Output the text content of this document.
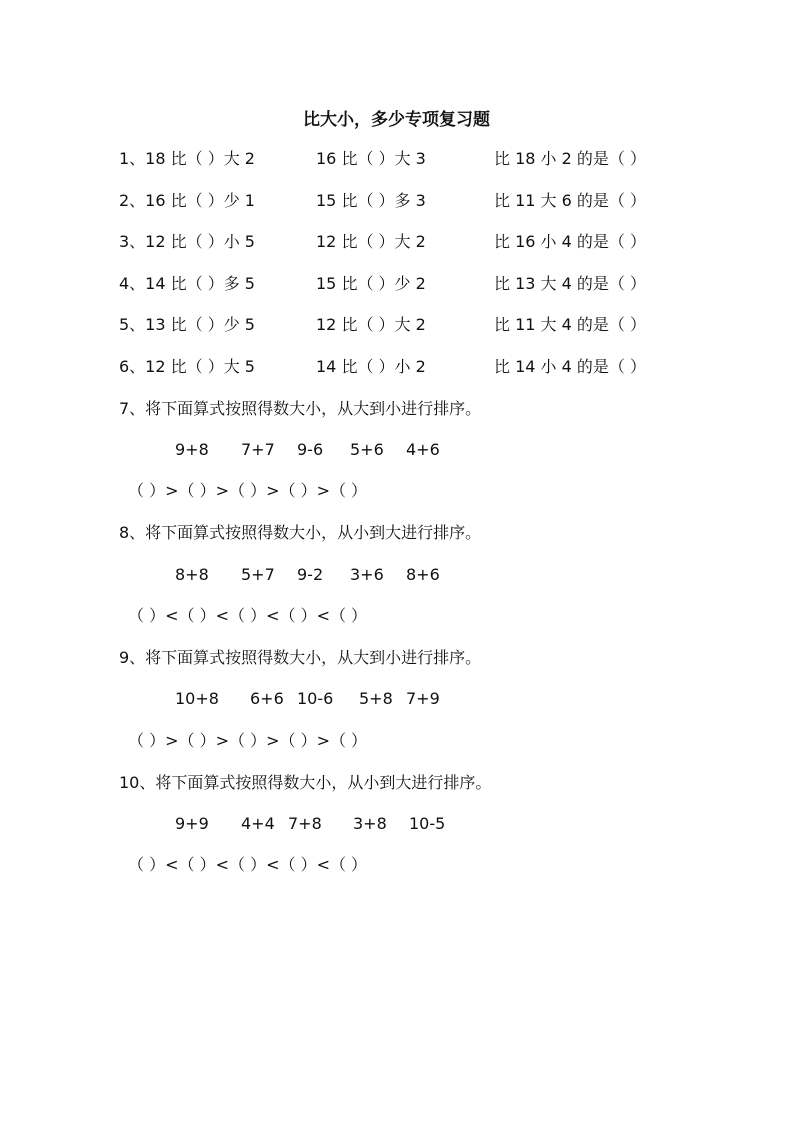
比大小，多少专项复习题
1、18 比（ ）大 2	16 比（ ）大 3	比 18 小 2 的是（ ）
2、16 比（ ）少 1	15 比（ ）多 3	比 11 大 6 的是（ ）
3、12 比（ ）小 5	12 比（ ）大 2	比 16 小 4 的是（ ）
4、14 比（ ）多 5	15 比（ ）少 2	比 13 大 4 的是（ ）
5、13 比（ ）少 5	12 比（ ）大 2	比 11 大 4 的是（ ）
6、12 比（ ）大 5	14 比（ ）小 2	比 14 小 4 的是（ ）
7、将下面算式按照得数大小，从大到小进行排序。
9+8 7+7 9-6 5+6 4+6
（ ）>（ ）>（ ）>（ ）>（ ）
8、将下面算式按照得数大小，从小到大进行排序。
8+8 5+7 9-2 3+6 8+6
（ ）<（ ）<（ ）<（ ）<（ ）
9、将下面算式按照得数大小，从大到小进行排序。
10+8 6+6 10-6 5+8 7+9
（ ）>（ ）>（ ）>（ ）>（ ）
10、将下面算式按照得数大小，从小到大进行排序。
9+9 4+4 7+8 3+8 10-5
（ ）<（ ）<（ ）<（ ）<（ ）
